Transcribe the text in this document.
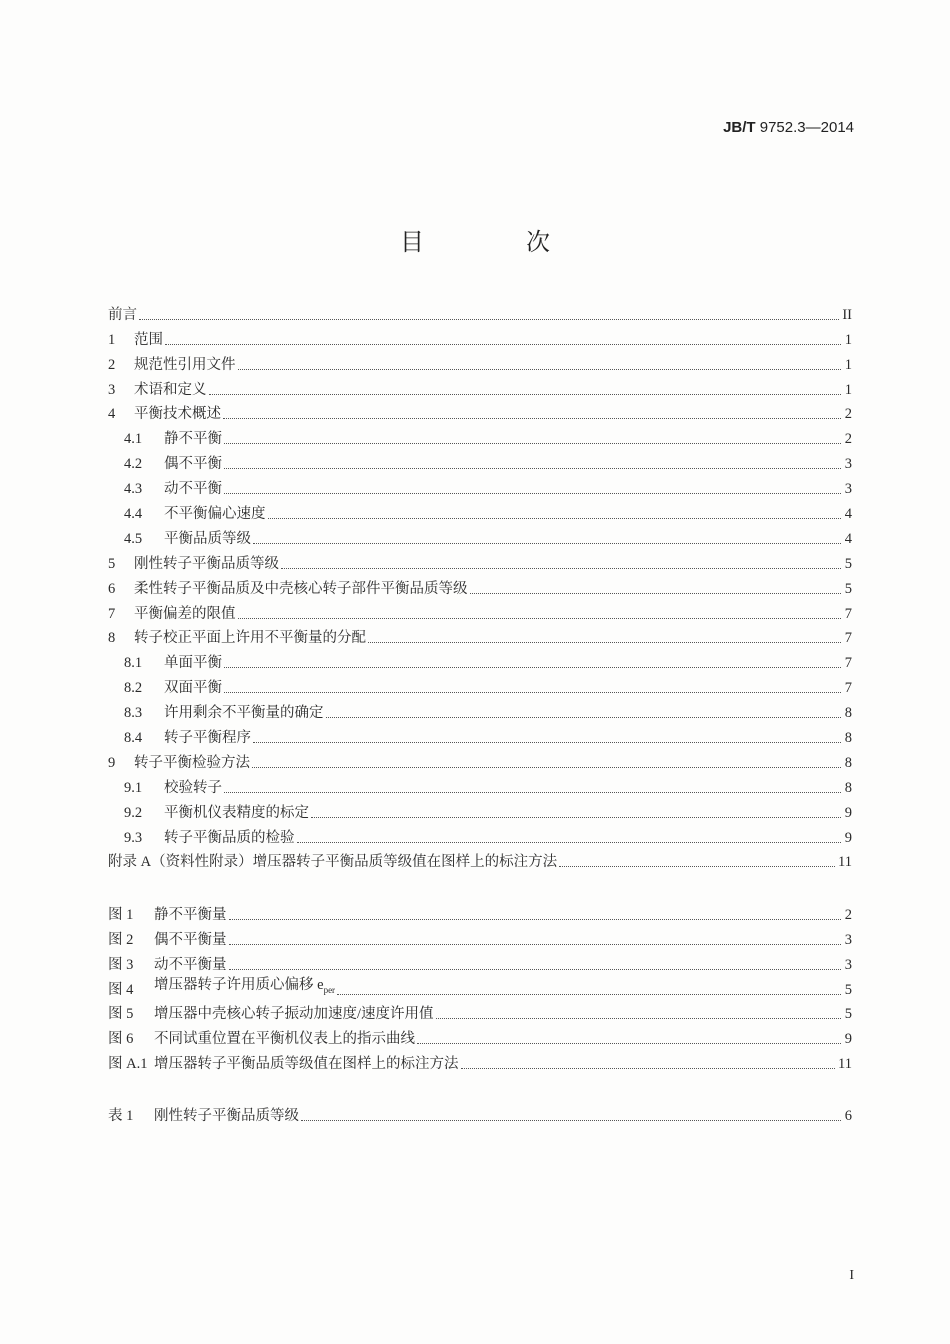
JB/T 9752.3—2014
目 次
前言	II
1	范围	1
2	规范性引用文件	1
3	术语和定义	1
4	平衡技术概述	2
4.1	静不平衡	2
4.2	偶不平衡	3
4.3	动不平衡	3
4.4	不平衡偏心速度	4
4.5	平衡品质等级	4
5	刚性转子平衡品质等级	5
6	柔性转子平衡品质及中壳核心转子部件平衡品质等级	5
7	平衡偏差的限值	7
8	转子校正平面上许用不平衡量的分配	7
8.1	单面平衡	7
8.2	双面平衡	7
8.3	许用剩余不平衡量的确定	8
8.4	转子平衡程序	8
9	转子平衡检验方法	8
9.1	校验转子	8
9.2	平衡机仪表精度的标定	9
9.3	转子平衡品质的检验	9
附录 A（资料性附录）增压器转子平衡品质等级值在图样上的标注方法	11
图 1	静不平衡量	2
图 2	偶不平衡量	3
图 3	动不平衡量	3
图 4	增压器转子许用质心偏移 $e_{per}$	5
图 5	增压器中壳核心转子振动加速度/速度许用值	5
图 6	不同试重位置在平衡机仪表上的指示曲线	9
图 A.1 增压器转子平衡品质等级值在图样上的标注方法	11
表 1	刚性转子平衡品质等级	6
I
